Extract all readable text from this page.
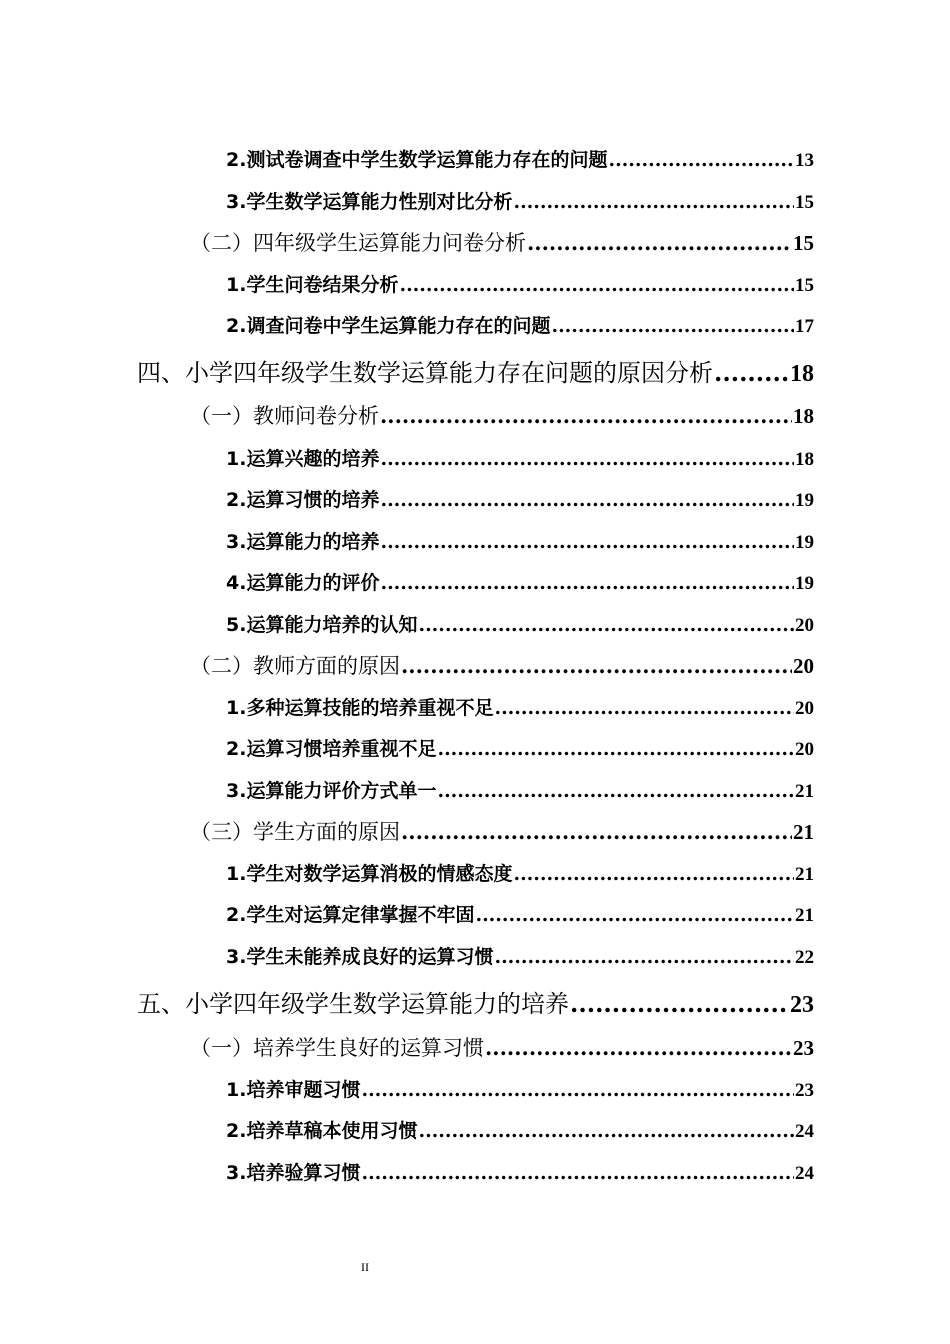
2.测试卷调查中学生数学运算能力存在的问题 .....	13
3.学生数学运算能力性别对比分析 .....	15
（二）四年级学生运算能力问卷分析 .....	15
1.学生问卷结果分析 .....	15
2.调查问卷中学生运算能力存在的问题 .....	17
四、小学四年级学生数学运算能力存在问题的原因分析 .....	18
（一）教师问卷分析 .....	18
1.运算兴趣的培养 .....	18
2.运算习惯的培养 .....	19
3.运算能力的培养 .....	19
4.运算能力的评价 .....	19
5.运算能力培养的认知 .....	20
（二）教师方面的原因 .....	20
1.多种运算技能的培养重视不足 .....	20
2.运算习惯培养重视不足 .....	20
3.运算能力评价方式单一 .....	21
（三）学生方面的原因 .....	21
1.学生对数学运算消极的情感态度 .....	21
2.学生对运算定律掌握不牢固 .....	21
3.学生未能养成良好的运算习惯 .....	22
五、小学四年级学生数学运算能力的培养 .....	23
（一）培养学生良好的运算习惯 .....	23
1.培养审题习惯 .....	23
2.培养草稿本使用习惯 .....	24
3.培养验算习惯 .....	24
II
